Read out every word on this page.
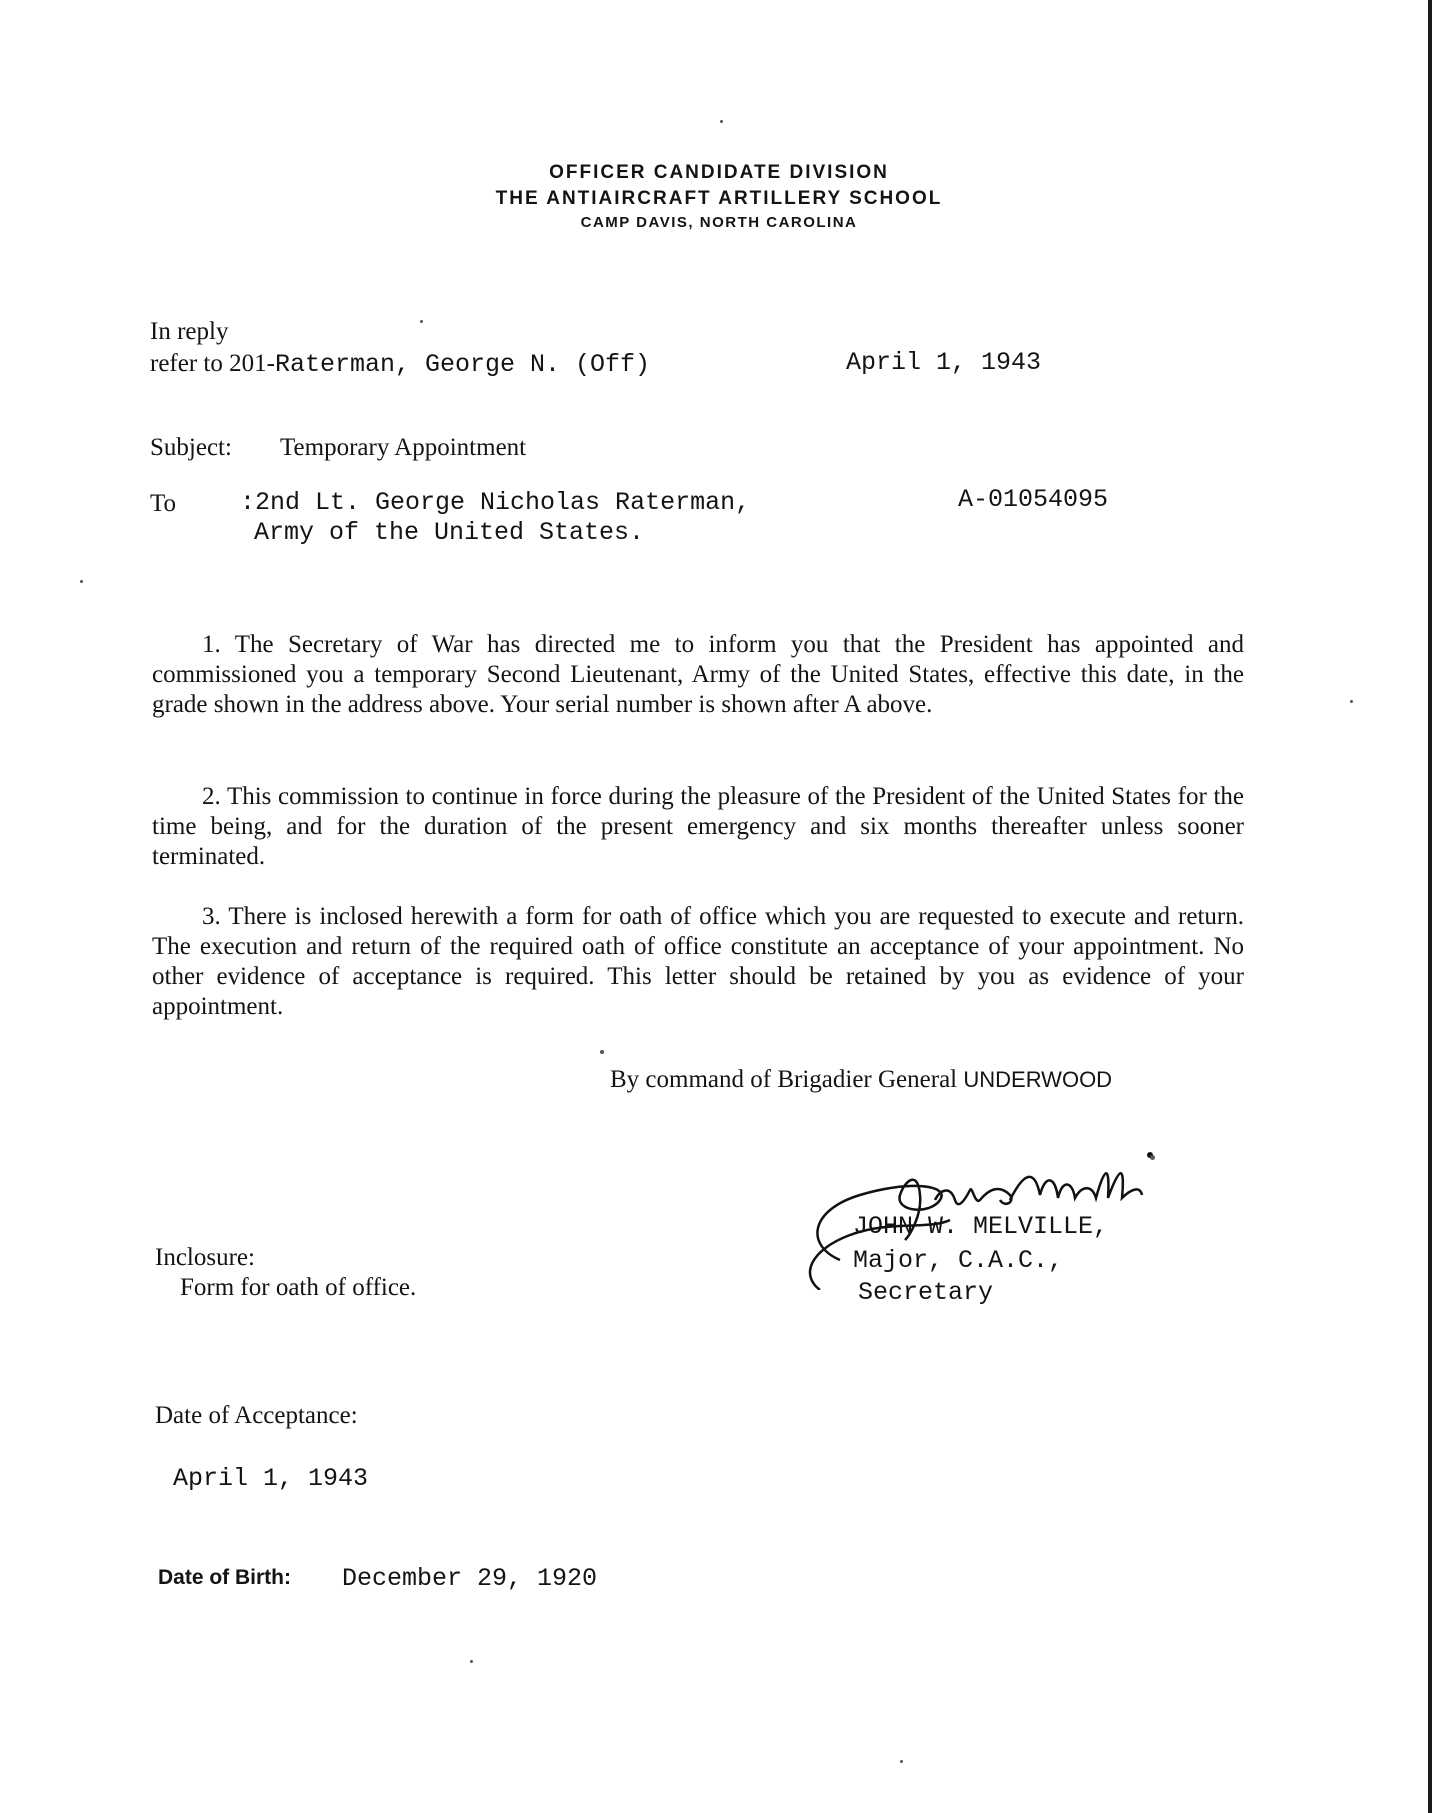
OFFICER CANDIDATE DIVISION
THE ANTIAIRCRAFT ARTILLERY SCHOOL
CAMP DAVIS, NORTH CAROLINA
In reply
refer to 201-Raterman, George N. (Off)	April 1, 1943
Subject: Temporary Appointment
To	:2nd Lt. George Nicholas Raterman,
Army of the United States.
A-01054095
1. The Secretary of War has directed me to inform you that the President has appointed and commissioned you a temporary Second Lieutenant, Army of the United States, effective this date, in the grade shown in the address above. Your serial number is shown after A above.
2. This commission to continue in force during the pleasure of the President of the United States for the time being, and for the duration of the present emergency and six months thereafter unless sooner terminated.
3. There is inclosed herewith a form for oath of office which you are requested to execute and return. The execution and return of the required oath of office constitute an acceptance of your appointment. No other evidence of acceptance is required. This letter should be retained by you as evidence of your appointment.
By command of Brigadier General UNDERWOOD
JOHN W. MELVILLE,
Major, C.A.C.,
Secretary
Inclosure:
Form for oath of office.
Date of Acceptance:
April 1, 1943
Date of Birth: December 29, 1920
